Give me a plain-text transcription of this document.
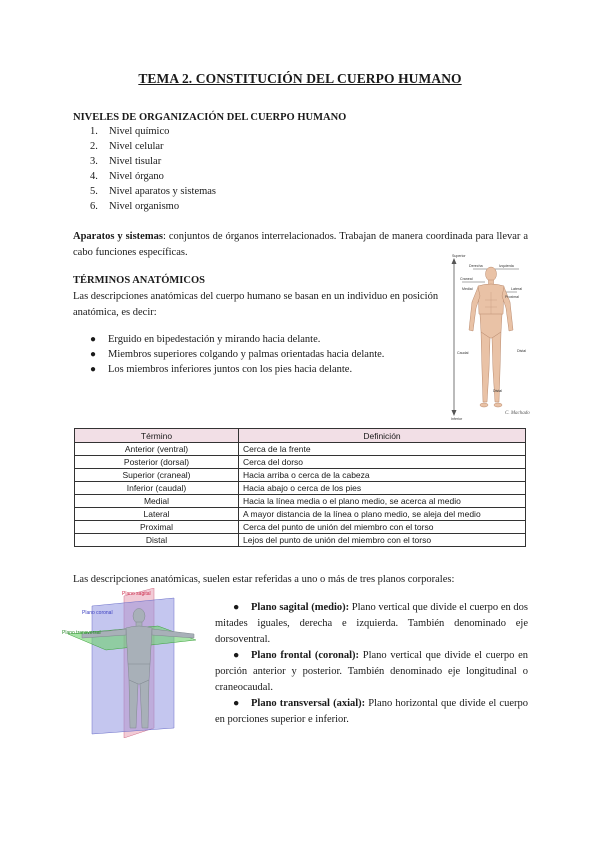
TEMA 2. CONSTITUCIÓN DEL CUERPO HUMANO
NIVELES DE ORGANIZACIÓN DEL CUERPO HUMANO
1.	Nivel químico
2.	Nivel celular
3.	Nivel tisular
4.	Nivel órgano
5.	Nivel aparatos y sistemas
6.	Nivel organismo
Aparatos y sistemas: conjuntos de órganos interrelacionados. Trabajan de manera coordinada para llevar a cabo funciones específicas.
TÉRMINOS ANATÓMICOS
Las descripciones anatómicas del cuerpo humano se basan en un individuo en posición anatómica, es decir:
●	Erguido en bipedestación y mirando hacia delante.
●	Miembros superiores colgando y palmas orientadas hacia delante.
●	Los miembros inferiores juntos con los pies hacia delante.
Superior
Derecha	Izquierda
Craneal
Medial	Lateral
Proximal
Caudal	Distal
Distal
Inferior
C. Machado
Término	Definición
Anterior (ventral)	Cerca de la frente
Posterior (dorsal)	Cerca del dorso
Superior (craneal)	Hacia arriba o cerca de la cabeza
Inferior (caudal)	Hacia abajo o cerca de los pies
Medial	Hacia la línea media o el plano medio, se acerca al medio
Lateral	A mayor distancia de la línea o plano medio, se aleja del medio
Proximal	Cerca del punto de unión del miembro con el torso
Distal	Lejos del punto de unión del miembro con el torso
Las descripciones anatómicas, suelen estar referidas a uno o más de tres planos corporales:
Plano sagital
Plano coronal
Plano transversal

● Plano sagital (medio): Plano vertical que divide el cuerpo en dos mitades iguales, derecha e izquierda. También denominado eje dorsoventral.

● Plano frontal (coronal): Plano vertical que divide el cuerpo en porción anterior y posterior. También denominado eje longitudinal o craneocaudal.

● Plano transversal (axial): Plano horizontal que divide el cuerpo en porciones superior e inferior.
